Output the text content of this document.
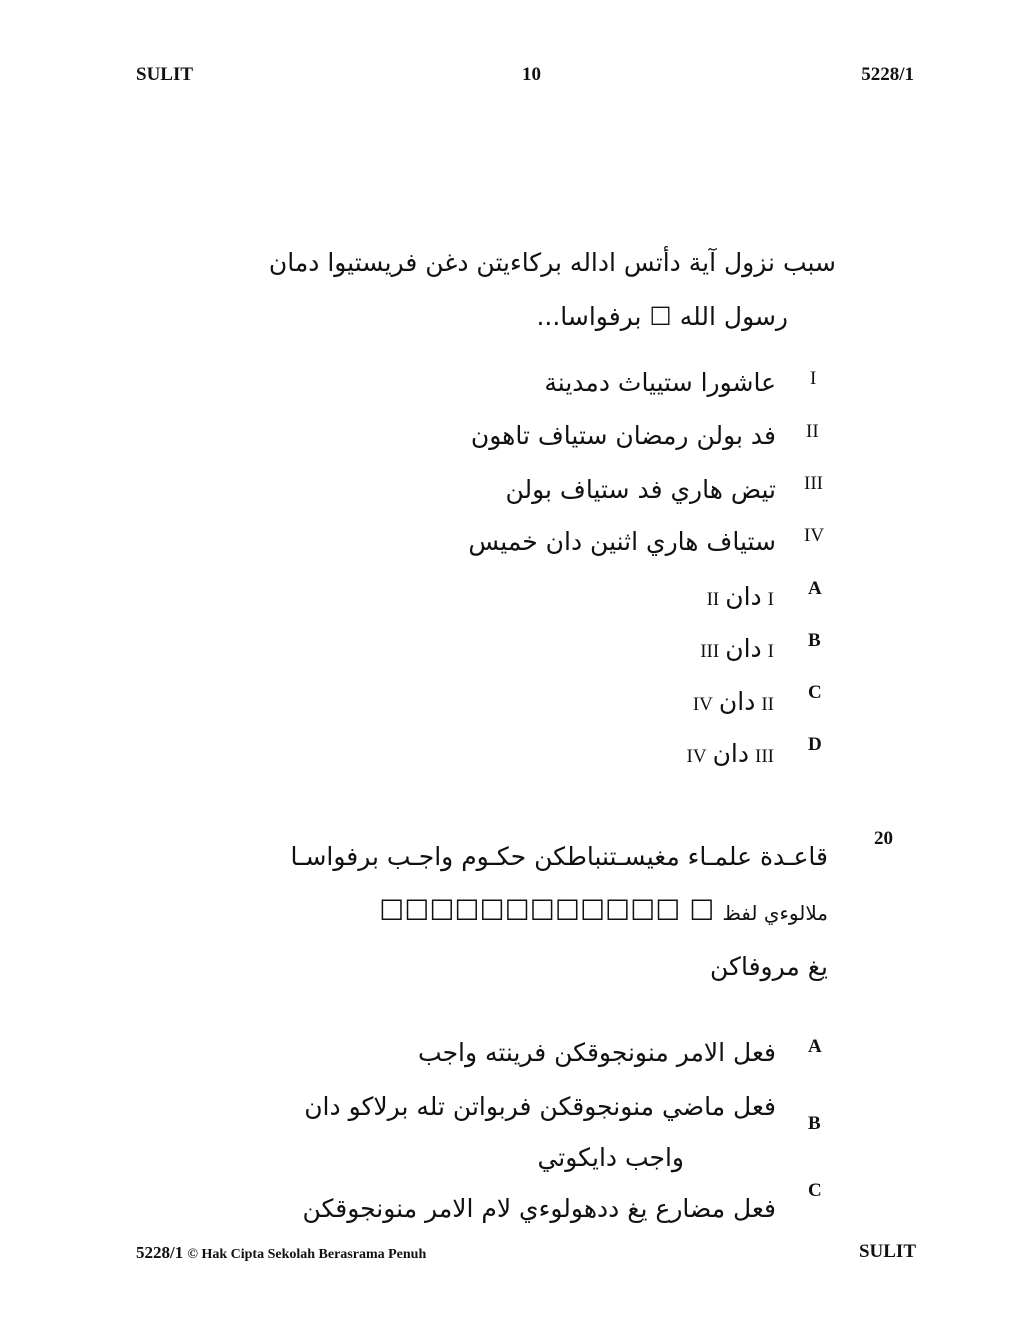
SULIT	10	5228/1
سبب نزول آية دأتس اداله بركاءيتن دغن فريستيوا دمان
رسول الله ☐ برفواسا...
I
عاشورا ستيياث دمدينة
II
فد بولن رمضان ستياف تاهون
III
تيض هاري فد ستياف بولن
IV
ستياف هاري اثنين دان خميس
A
II دان I
B
III دان I
C
IV دان II
D
IV دان III
20
قاعـدة علمـاء مغيسـتنباطكن حكـوم واجـب برفواسـا
ملالوءي لفظ ☐ ☐☐☐☐☐☐☐☐☐☐☐☐
يغ مروفاكن
A
فعل الامر منونجوقكن فرينته واجب
B
فعل ماضي منونجوقكن فربواتن تله برلاكو دان
واجب دايكوتي
C
فعل مضارع يغ ددهولوءي لام الامر منونجوقكن
5228/1 © Hak Cipta Sekolah Berasrama Penuh	SULIT
